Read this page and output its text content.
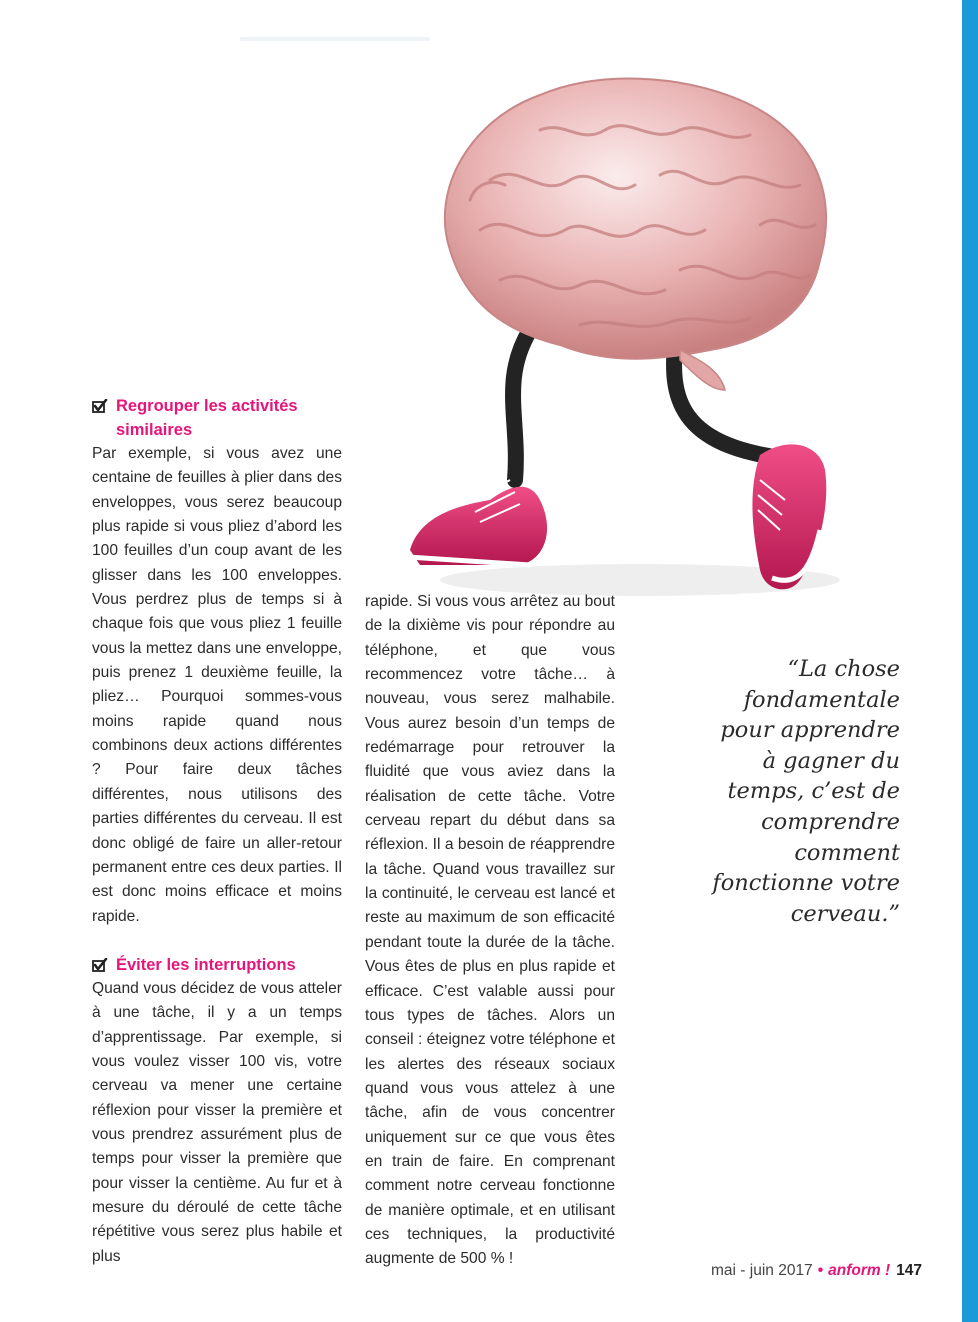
Regrouper les activités similaires

Par exemple, si vous avez une centaine de feuilles à plier dans des enveloppes, vous serez beaucoup plus rapide si vous pliez d’abord les 100 feuilles d’un coup avant de les glisser dans les 100 enveloppes. Vous perdrez plus de temps si à chaque fois que vous pliez 1 feuille vous la mettez dans une enveloppe, puis prenez 1 deuxième feuille, la pliez… Pourquoi sommes-vous moins rapide quand nous combinons deux actions différentes ? Pour faire deux tâches différentes, nous utilisons des parties différentes du cerveau. Il est donc obligé de faire un aller-retour permanent entre ces deux parties. Il est donc moins efficace et moins rapide.

Éviter les interruptions

Quand vous décidez de vous atteler à une tâche, il y a un temps d’apprentissage. Par exemple, si vous voulez visser 100 vis, votre cerveau va mener une certaine réflexion pour visser la première et vous prendrez assurément plus de temps pour visser la première que pour visser la centième. Au fur et à mesure du déroulé de cette tâche répétitive vous serez plus habile et plus

rapide. Si vous vous arrêtez au bout de la dixième vis pour répondre au téléphone, et que vous recommencez votre tâche… à nouveau, vous serez malhabile. Vous aurez besoin d’un temps de redémarrage pour retrouver la fluidité que vous aviez dans la réalisation de cette tâche. Votre cerveau repart du début dans sa réflexion. Il a besoin de réapprendre la tâche. Quand vous travaillez sur la continuité, le cerveau est lancé et reste au maximum de son efficacité pendant toute la durée de la tâche. Vous êtes de plus en plus rapide et efficace. C’est valable aussi pour tous types de tâches. Alors un conseil : éteignez votre téléphone et les alertes des réseaux sociaux quand vous vous attelez à une tâche, afin de vous concentrer uniquement sur ce que vous êtes en train de faire. En comprenant comment notre cerveau fonctionne de manière optimale, et en utilisant ces techniques, la productivité augmente de 500 % !

“La chose fondamentale pour apprendre à gagner du temps, c’est de comprendre comment fonctionne votre cerveau.”
mai - juin 2017 • anform ! 147
